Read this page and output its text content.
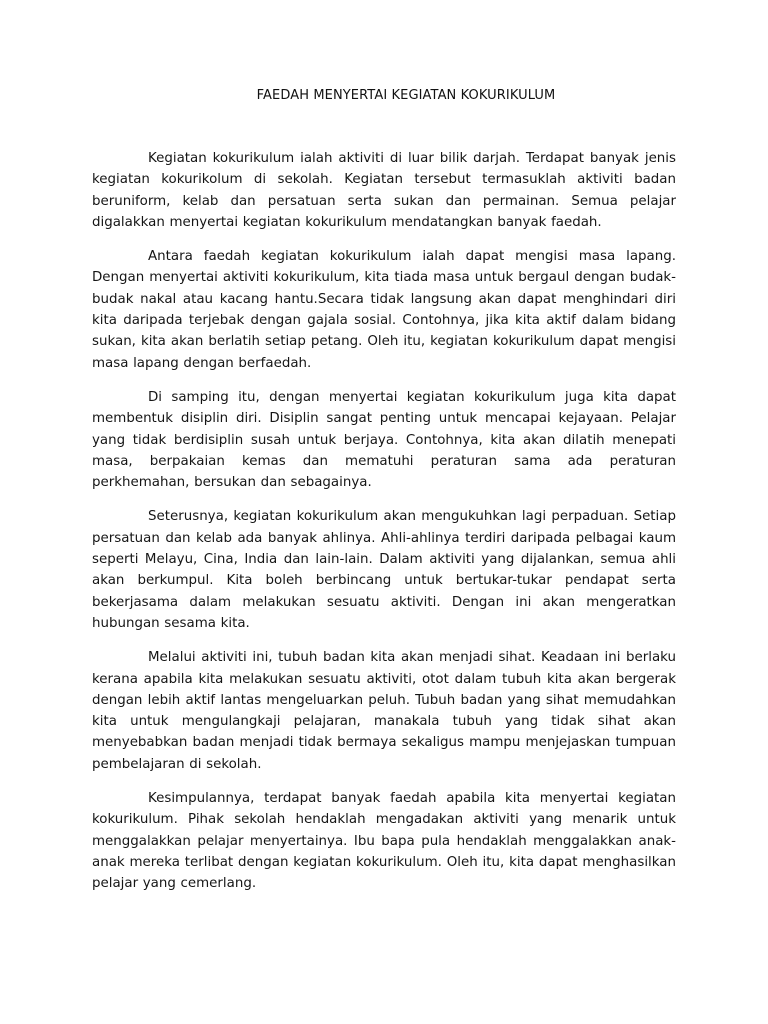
FAEDAH MENYERTAI KEGIATAN KOKURIKULUM

Kegiatan kokurikulum ialah aktiviti di luar bilik darjah. Terdapat banyak jenis kegiatan kokurikolum di sekolah. Kegiatan tersebut termasuklah aktiviti badan beruniform, kelab dan persatuan serta sukan dan permainan. Semua pelajar digalakkan menyertai kegiatan kokurikulum mendatangkan banyak faedah.

Antara faedah kegiatan kokurikulum ialah dapat mengisi masa lapang. Dengan menyertai aktiviti kokurikulum, kita tiada masa untuk bergaul dengan budak-budak nakal atau kacang hantu.Secara tidak langsung akan dapat menghindari diri kita daripada terjebak dengan gajala sosial. Contohnya, jika kita aktif dalam bidang sukan, kita akan berlatih setiap petang. Oleh itu, kegiatan kokurikulum dapat mengisi masa lapang dengan berfaedah.

Di samping itu, dengan menyertai kegiatan kokurikulum juga kita dapat membentuk disiplin diri. Disiplin sangat penting untuk mencapai kejayaan. Pelajar yang tidak berdisiplin susah untuk berjaya. Contohnya, kita akan dilatih menepati masa, berpakaian kemas dan mematuhi peraturan sama ada peraturan perkhemahan, bersukan dan sebagainya.

Seterusnya, kegiatan kokurikulum akan mengukuhkan lagi perpaduan. Setiap persatuan dan kelab ada banyak ahlinya. Ahli-ahlinya terdiri daripada pelbagai kaum seperti Melayu, Cina, India dan lain-lain. Dalam aktiviti yang dijalankan, semua ahli akan berkumpul. Kita boleh berbincang untuk bertukar-tukar pendapat serta bekerjasama dalam melakukan sesuatu aktiviti. Dengan ini akan mengeratkan hubungan sesama kita.

Melalui aktiviti ini, tubuh badan kita akan menjadi sihat. Keadaan ini berlaku kerana apabila kita melakukan sesuatu aktiviti, otot dalam tubuh kita akan bergerak dengan lebih aktif lantas mengeluarkan peluh. Tubuh badan yang sihat memudahkan kita untuk mengulangkaji pelajaran, manakala tubuh yang tidak sihat akan menyebabkan badan menjadi tidak bermaya sekaligus mampu menjejaskan tumpuan pembelajaran di sekolah.

Kesimpulannya, terdapat banyak faedah apabila kita menyertai kegiatan kokurikulum. Pihak sekolah hendaklah mengadakan aktiviti yang menarik untuk menggalakkan pelajar menyertainya. Ibu bapa pula hendaklah menggalakkan anak-anak mereka terlibat dengan kegiatan kokurikulum. Oleh itu, kita dapat menghasilkan pelajar yang cemerlang.
